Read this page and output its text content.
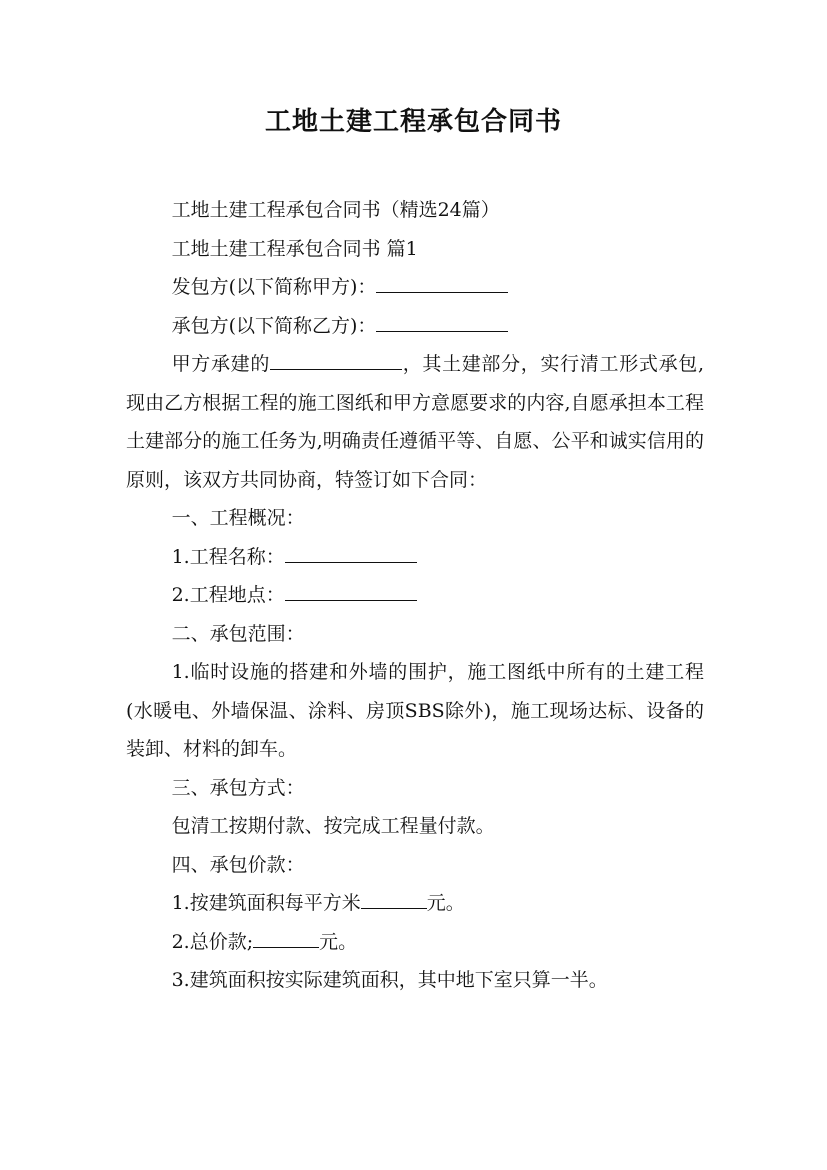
工地土建工程承包合同书

工地土建工程承包合同书（精选24篇）

工地土建工程承包合同书 篇1

发包方(以下简称甲方)：

承包方(以下简称乙方)：

甲方承建的	，其土建部分，实行清工形式承包,现由乙方根据工程的施工图纸和甲方意愿要求的内容,自愿承担本工程土建部分的施工任务为,明确责任遵循平等、自愿、公平和诚实信用的原则，该双方共同协商，特签订如下合同：

一、工程概况：

1.工程名称：

2.工程地点：

二、承包范围：

1.临时设施的搭建和外墙的围护，施工图纸中所有的土建工程(水暖电、外墙保温、涂料、房顶SBS除外)，施工现场达标、设备的装卸、材料的卸车。

三、承包方式：

包清工按期付款、按完成工程量付款。

四、承包价款：

1.按建筑面积每平方米	元。

2.总价款;	元。

3.建筑面积按实际建筑面积，其中地下室只算一半。
